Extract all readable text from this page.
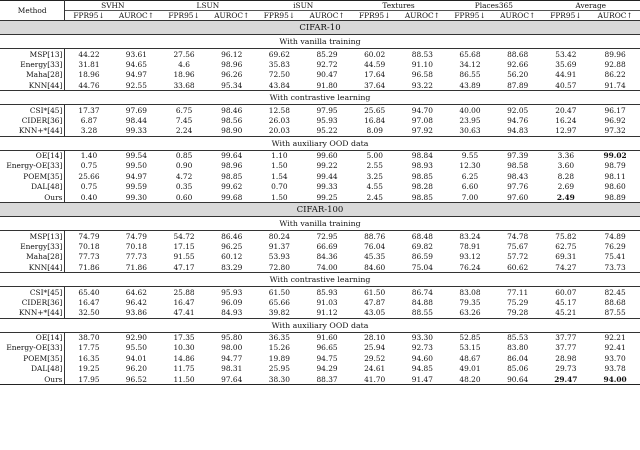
Method	SVHN		LSUN		iSUN		Textures		Places365		Average	
	FPR95↓	AUROC↑	FPR95↓	AUROC↑	FPR95↓	AUROC↑	FPR95↓	AUROC↑	FPR95↓	AUROC↑	FPR95↓	AUROC↑
CIFAR-10												
With vanilla training												
MSP[13]	44.22	93.61	27.56	96.12	69.62	85.29	60.02	88.53	65.68	88.68	53.42	89.96
Energy[33]	31.81	94.65	4.6	98.96	35.83	92.72	44.59	91.10	34.12	92.66	35.69	92.88
Maha[28]	18.96	94.97	18.96	96.26	72.50	90.47	17.64	96.58	86.55	56.20	44.91	86.22
KNN[44]	44.76	92.55	33.68	95.34	43.84	91.80	37.64	93.22	43.89	87.89	40.57	91.74
With contrastive learning												
CSI*[45]	17.37	97.69	6.75	98.46	12.58	97.95	25.65	94.70	40.00	92.05	20.47	96.17
CIDER[36]	6.87	98.44	7.45	98.56	26.03	95.93	16.84	97.08	23.95	94.76	16.24	96.92
KNN+*[44]	3.28	99.33	2.24	98.90	20.03	95.22	8.09	97.92	30.63	94.83	12.97	97.32
With auxiliary OOD data												
OE[14]	1.40	99.54	0.85	99.64	1.10	99.60	5.00	98.84	9.55	97.39	3.36	99.02
Energy-OE[33]	0.75	99.50	0.90	98.96	1.50	99.22	2.55	98.93	12.30	98.58	3.60	98.79
POEM[35]	25.66	94.97	4.72	98.85	1.54	99.44	3.25	98.85	6.25	98.43	8.28	98.11
DAL[48]	0.75	99.59	0.35	99.62	0.70	99.33	4.55	98.28	6.60	97.76	2.69	98.60
Ours	0.40	99.30	0.60	99.68	1.50	99.25	2.45	98.85	7.00	97.60	2.49	98.89
CIFAR-100												
With vanilla training												
MSP[13]	74.79	74.79	54.72	86.46	80.24	72.95	88.76	68.48	83.24	74.78	75.82	74.89
Energy[33]	70.18	70.18	17.15	96.25	91.37	66.69	76.04	69.82	78.91	75.67	62.75	76.29
Maha[28]	77.73	77.73	91.55	60.12	53.93	84.36	45.35	86.59	93.12	57.72	69.31	75.41
KNN[44]	71.86	71.86	47.17	83.29	72.80	74.00	84.60	75.04	76.24	60.62	74.27	73.73
With contrastive learning												
CSI*[45]	65.40	64.62	25.88	95.93	61.50	85.93	61.50	86.74	83.08	77.11	60.07	82.45
CIDER[36]	16.47	96.42	16.47	96.09	65.66	91.03	47.87	84.88	79.35	75.29	45.17	88.68
KNN+*[44]	32.50	93.86	47.41	84.93	39.82	91.12	43.05	88.55	63.26	79.28	45.21	87.55
With auxiliary OOD data												
OE[14]	38.70	92.90	17.35	95.80	36.35	91.60	28.10	93.30	52.85	85.53	37.77	92.21
Energy-OE[33]	17.75	95.50	10.30	98.00	15.26	96.65	25.94	92.73	53.15	83.80	37.77	92.41
POEM[35]	16.35	94.01	14.86	94.77	19.89	94.75	29.52	94.60	48.67	86.04	28.98	93.70
DAL[48]	19.25	96.20	11.75	98.31	25.95	94.29	24.61	94.85	49.01	85.06	29.73	93.78
Ours	17.95	96.52	11.50	97.64	38.30	88.37	41.70	91.47	48.20	90.64	29.47	94.00
